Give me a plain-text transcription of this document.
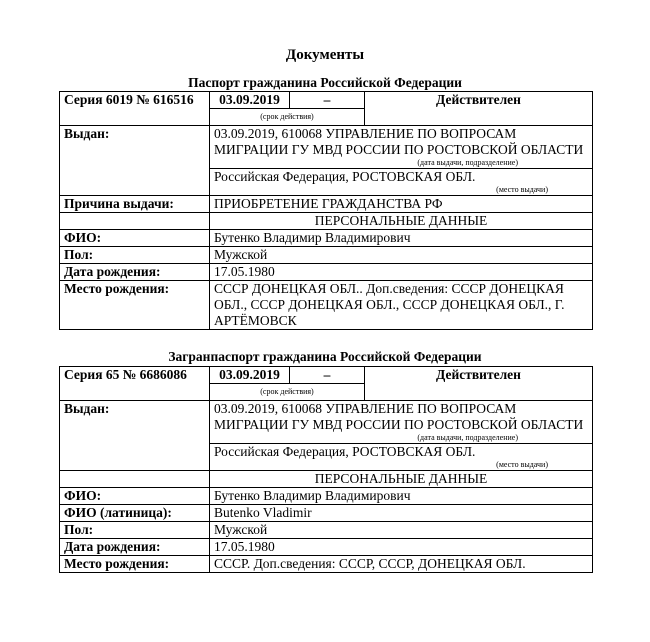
Документы
Паспорт гражданина Российской Федерации
Серия 6019 № 616516	03.09.2019	–	Действителен
	(срок действия)		
Выдан:	03.09.2019, 610068 УПРАВЛЕНИЕ ПО ВОПРОСАМ МИГРАЦИИ ГУ МВД РОССИИ ПО РОСТОВСКОЙ ОБЛАСТИ
(дата выдачи, подразделение)		

	Российская Федерация, РОСТОВСКАЯ ОБЛ.
(место выдачи)		

Причина выдачи:	ПРИОБРЕТЕНИЕ ГРАЖДАНСТВА РФ		
	ПЕРСОНАЛЬНЫЕ ДАННЫЕ		
ФИО:	Бутенко Владимир Владимирович		
Пол:	Мужской		
Дата рождения:	17.05.1980		
Место рождения:	СССР ДОНЕЦКАЯ ОБЛ.. Доп.сведения: СССР ДОНЕЦКАЯ ОБЛ., СССР ДОНЕЦКАЯ ОБЛ., СССР ДОНЕЦКАЯ ОБЛ., Г. АРТЁМОВСК		
Загранпаспорт гражданина Российской Федерации
Серия 65 № 6686086	03.09.2019	–	Действителен
	(срок действия)		
Выдан:	03.09.2019, 610068 УПРАВЛЕНИЕ ПО ВОПРОСАМ МИГРАЦИИ ГУ МВД РОССИИ ПО РОСТОВСКОЙ ОБЛАСТИ
(дата выдачи, подразделение)		

	Российская Федерация, РОСТОВСКАЯ ОБЛ.
(место выдачи)		

	ПЕРСОНАЛЬНЫЕ ДАННЫЕ		
ФИО:	Бутенко Владимир Владимирович		
ФИО (латиница):	Butenko Vladimir		
Пол:	Мужской		
Дата рождения:	17.05.1980		
Место рождения:	СССР. Доп.сведения: СССР, СССР, ДОНЕЦКАЯ ОБЛ.		
